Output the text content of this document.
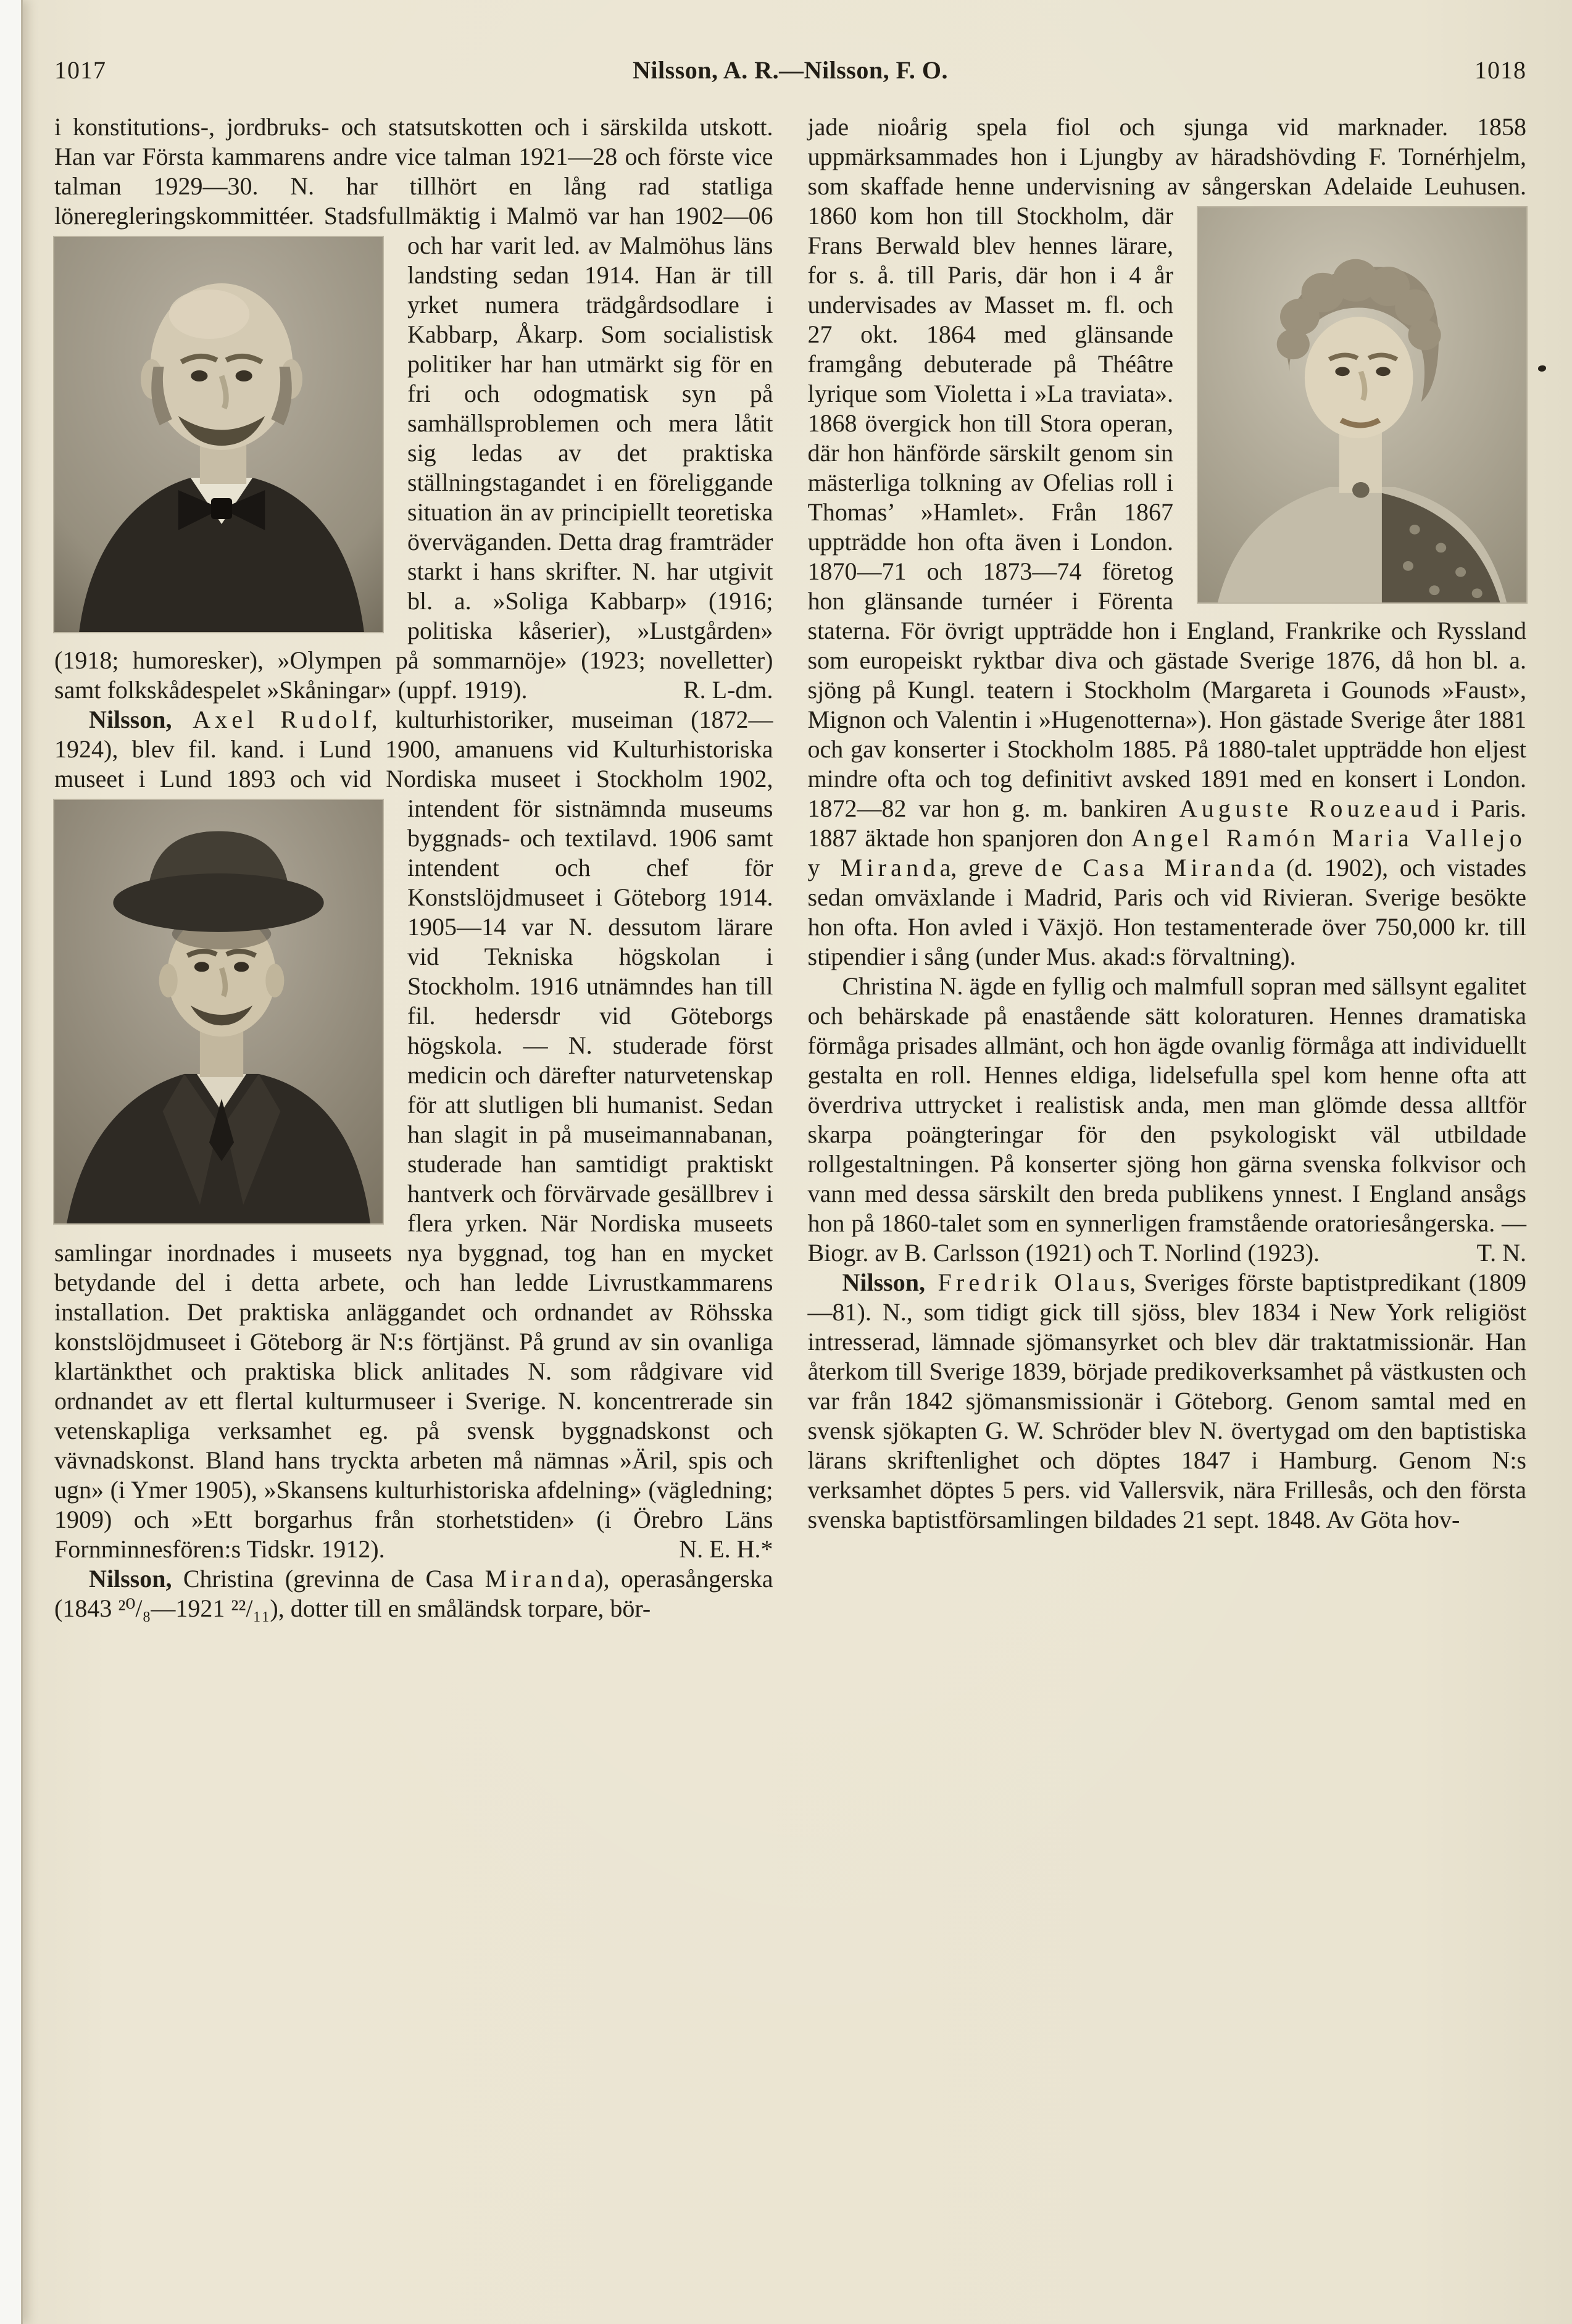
1017	Nilsson, A. R.—Nilsson, F. O.	1018

i konstitutions-, jordbruks- och statsutskotten och i särskilda utskott. Han var Första kammarens andre vice talman 1921—28 och förste vice talman 1929—30. N. har tillhört en lång rad statliga löneregleringskommittéer. Stadsfullmäktig i Malmö var han
1902—06 och har varit led. av Malmöhus läns landsting sedan 1914. Han är till yrket numera trädgårdsodlare i Kabbarp, Åkarp. Som socialistisk politiker har han utmärkt sig för en fri och odogmatisk syn på samhällsproblemen och mera låtit sig ledas av det praktiska ställningstagandet i en föreliggande situation än av principiellt teoretiska överväganden. Detta drag framträder starkt i hans skrifter. N. har utgivit bl. a. »Soliga Kabbarp» (1916; politiska kåserier), »Lustgården» (1918; humoresker), »Olympen på sommarnöje» (1923; novelletter) samt folkskådespelet »Skåningar» (uppf. 1919).	R. L-dm.

Nilsson, Axel Rudolf, kulturhistoriker, museiman (1872—1924), blev fil. kand. i Lund 1900, amanuens vid Kulturhistoriska museet i Lund 1893 och vid Nordiska museet i Stockholm 1902, intendent
för sistnämnda museums byggnads- och textilavd. 1906 samt intendent och chef för Konstslöjdmuseet i Göteborg 1914. 1905—14 var N. dessutom lärare vid Tekniska högskolan i Stockholm. 1916 utnämndes han till fil. hedersdr vid Göteborgs högskola. — N. studerade först medicin och därefter naturvetenskap för att slutligen bli humanist. Sedan han slagit in på museimannabanan, studerade han samtidigt praktiskt hantverk och förvärvade gesällbrev i flera yrken. När Nordiska museets samlingar inordnades i museets nya byggnad, tog han en mycket betydande del i detta arbete, och han ledde Livrustkammarens installation. Det praktiska anläggandet och ordnandet av Röhsska konstslöjdmuseet i Göteborg är N:s förtjänst. På grund av sin ovanliga klartänkthet och praktiska blick anlitades N. som rådgivare vid ordnandet av ett flertal kulturmuseer i Sverige. N. koncentrerade sin vetenskapliga verksamhet eg. på svensk byggnadskonst och vävnadskonst. Bland hans tryckta arbeten må nämnas »Äril, spis och ugn» (i Ymer 1905), »Skansens kulturhistoriska afdelning» (vägledning; 1909) och »Ett borgarhus från storhetstiden» (i Örebro Läns Fornminnesfören:s Tidskr. 1912).	N. E. H.*

Nilsson, Christina (grevinna de Casa Miranda), operasångerska (1843 ²⁰/₈—1921 ²²/₁₁), dotter till en småländsk torpare, bör-

jade nioårig spela fiol och sjunga vid marknader. 1858 uppmärksammades hon i Ljungby av häradshövding F. Tornérhjelm, som skaffade henne undervisning av sångerskan
Adelaide Leuhusen. 1860 kom hon till Stockholm, där Frans Berwald blev hennes lärare, for s. å. till Paris, där hon i 4 år undervisades av Masset m. fl. och 27 okt. 1864 med glänsande framgång debuterade på Théâtre lyrique som Violetta i »La traviata». 1868 övergick hon till Stora operan, där hon hänförde särskilt genom sin mästerliga tolkning av Ofelias roll i Thomas’ »Hamlet». Från 1867 uppträdde hon ofta även i London. 1870—71 och 1873—74 företog hon glänsande turnéer i Förenta staterna. För övrigt uppträdde hon i England, Frankrike och Ryssland som europeiskt ryktbar diva och gästade Sverige 1876, då hon bl. a. sjöng på Kungl. teatern i Stockholm (Margareta i Gounods »Faust», Mignon och Valentin i »Hugenotterna»). Hon gästade Sverige åter 1881 och gav konserter i Stockholm 1885. På 1880-talet uppträdde hon eljest mindre ofta och tog definitivt avsked 1891 med en konsert i London. 1872—82 var hon g. m. bankiren Auguste Rouzeaud i Paris. 1887 äktade hon spanjoren don Angel Ramón Maria Vallejo y Miranda, greve de Casa Miranda (d. 1902), och vistades sedan omväxlande i Madrid, Paris och vid Rivieran. Sverige besökte hon ofta. Hon avled i Växjö. Hon testamenterade över 750,000 kr. till stipendier i sång (under Mus. akad:s förvaltning).

Christina N. ägde en fyllig och malmfull sopran med sällsynt egalitet och behärskade på enastående sätt koloraturen. Hennes dramatiska förmåga prisades allmänt, och hon ägde ovanlig förmåga att individuellt gestalta en roll. Hennes eldiga, lidelsefulla spel kom henne ofta att överdriva uttrycket i realistisk anda, men man glömde dessa alltför skarpa poängteringar för den psykologiskt väl utbildade rollgestaltningen. På konserter sjöng hon gärna svenska folkvisor och vann med dessa särskilt den breda publikens ynnest. I England ansågs hon på 1860-talet som en synnerligen framstående oratoriesångerska. — Biogr. av B. Carlsson (1921) och T. Norlind (1923).	T. N.

Nilsson, Fredrik Olaus, Sveriges förste baptistpredikant (1809—81). N., som tidigt gick till sjöss, blev 1834 i New York religiöst intresserad, lämnade sjömansyrket och blev där traktatmissionär. Han återkom till Sverige 1839, började predikoverksamhet på västkusten och var från 1842 sjömansmissionär i Göteborg. Genom samtal med en svensk sjökapten G. W. Schröder blev N. övertygad om den baptistiska lärans skriftenlighet och döptes 1847 i Hamburg. Genom N:s verksamhet döptes 5 pers. vid Vallersvik, nära Frillesås, och den första svenska baptistförsamlingen bildades 21 sept. 1848. Av Göta hov-
